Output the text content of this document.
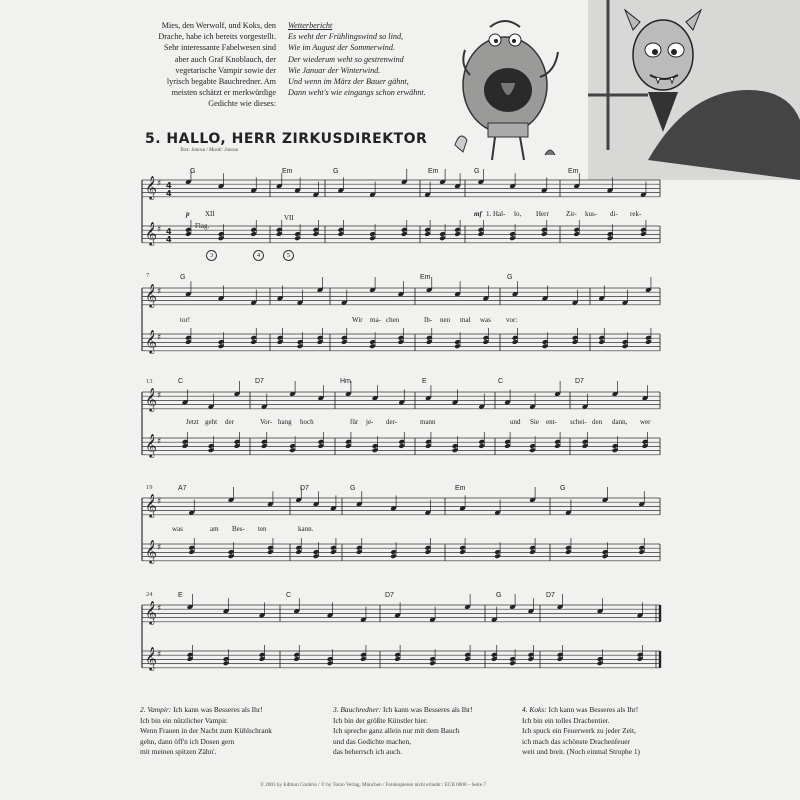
Mies, den Werwolf, und Koks, den
Drache, habe ich bereits vorgestellt.
Sehr interessante Fabelwesen sind
aber auch Graf Knoblauch, der
vegetarische Vampir sowie der
lyrisch begabte Bauchredner. Am
meisten schätzt er merkwürdige
Gedichte wie dieses:
Wetterbericht
Es weht der Frühlingswind so lind,
Wie im August der Sommerwind.
Der wiederum weht so gestrenwind
Wie Januar der Winterwind.
Und wenn im März der Bauer gähnt,
Dann weht's wie eingangs schon erwähnt.
5. HALLO, HERR ZIRKUSDIREKTOR
Text: Janosa / Musik: Janosa
𝄞 ♯
𝄞 ♯
𝄞 ♯
𝄞 ♯
𝄞 ♯
𝄞 ♯
𝄞 ♯
𝄞 ♯
𝄞 ♯
𝄞 ♯
4
4
4
4
G	Em	G	Em	G	Em
p XII
Flag.
VII
3	4	5
mf 1. Hal- lo, Herr Zir- kus- di- rek-
7	G	Em	G
tor!	Wir ma- chen	Ih- nen mal was vor:
13	C	D7	Hm	E	C	D7
Jetzt geht der	Vor- hang hoch	für je- der-	mann	und Sie ent- schei- den dann, wer
19	A7	D7	G	Em	G
was	am Bes- ten	kann.
24	E	C	D7	G	D7
2. Vampir: Ich kann was Besseres als Ihr!
Ich bin ein nützlicher Vampir.
Wenn Frauen in der Nacht zum Kühlschrank
gehn, dann öff'n ich Dosen gern
mit meinen spitzen Zähn'.
3. Bauchredner: Ich kann was Besseres als Ihr!
Ich bin der größte Künstler hier.
Ich spreche ganz allein nur mit dem Bauch
und das Gedichte machen,
das beherrsch ich auch.
4. Koks: Ich kann was Besseres als Ihr!
Ich bin ein tolles Drachentier.
Ich spuck ein Feuerwerk zu jeder Zeit,
ich mach das schönste Drachenfeuer
weit und breit. (Noch einmal Strophe 1)
© 2003 by Edition Conbrio / © by Tonio Verlag, München / Fotokopieren nicht erlaubt / ECB 6000 – Seite 7
